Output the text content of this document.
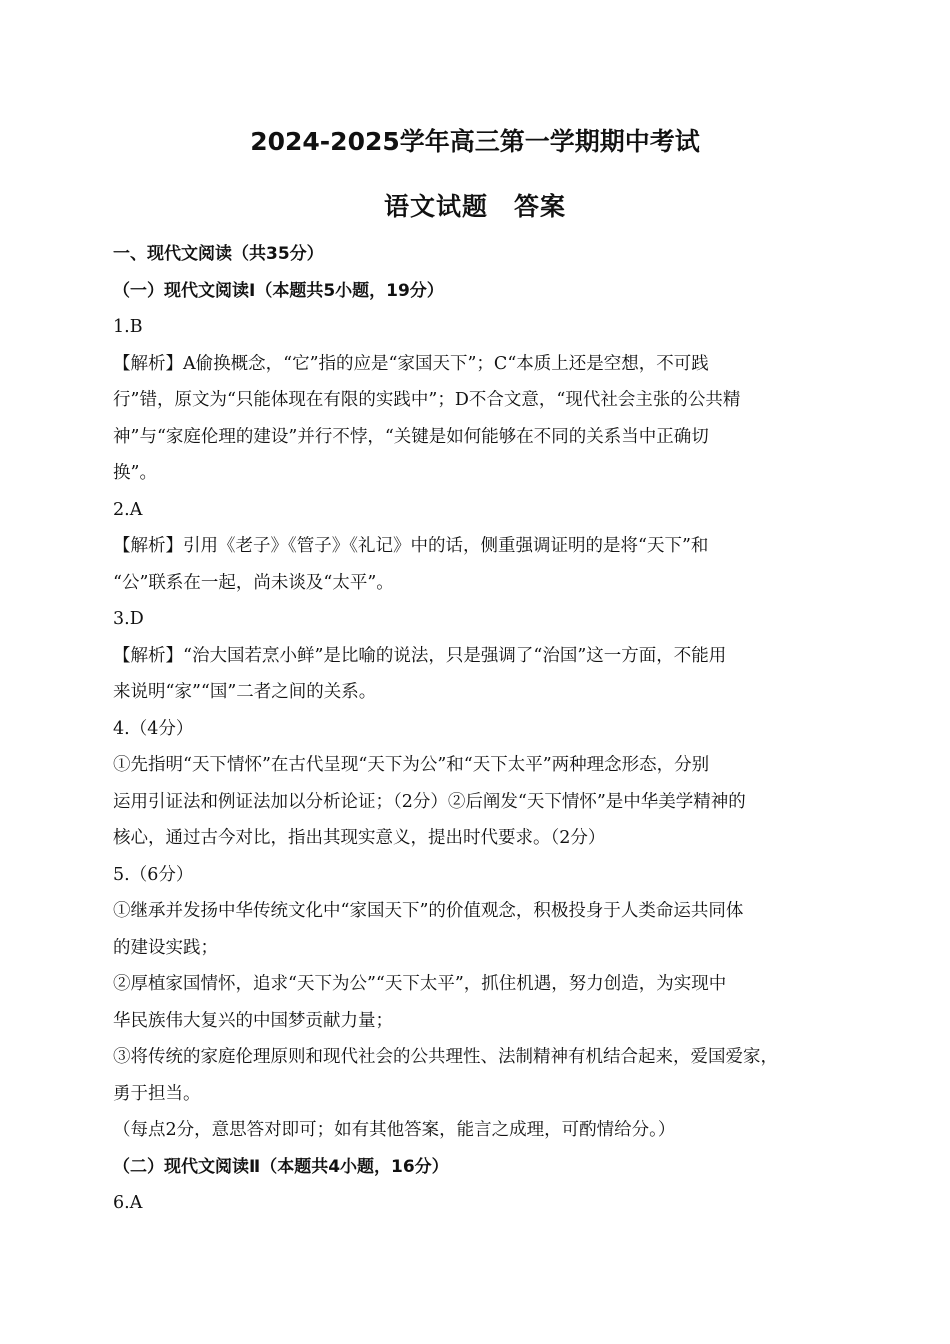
2024-2025学年高三第一学期期中考试
语文试题　答案
一、现代文阅读（共35分）
（一）现代文阅读Ⅰ（本题共5小题，19分）
1.B
【解析】A偷换概念，“它”指的应是“家国天下”；C“本质上还是空想，不可践
行”错，原文为“只能体现在有限的实践中”；D不合文意，“现代社会主张的公共精
神”与“家庭伦理的建设”并行不悖，“关键是如何能够在不同的关系当中正确切
换”。
2.A
【解析】引用《老子》《管子》《礼记》中的话，侧重强调证明的是将“天下”和
“公”联系在一起，尚未谈及“太平”。
3.D
【解析】“治大国若烹小鲜”是比喻的说法，只是强调了“治国”这一方面，不能用
来说明“家”“国”二者之间的关系。
4.（4分）
①先指明“天下情怀”在古代呈现“天下为公”和“天下太平”两种理念形态，分别
运用引证法和例证法加以分析论证；（2分）②后阐发“天下情怀”是中华美学精神的
核心，通过古今对比，指出其现实意义，提出时代要求。（2分）
5.（6分）
①继承并发扬中华传统文化中“家国天下”的价值观念，积极投身于人类命运共同体
的建设实践；
②厚植家国情怀，追求“天下为公”“天下太平”，抓住机遇，努力创造，为实现中
华民族伟大复兴的中国梦贡献力量；
③将传统的家庭伦理原则和现代社会的公共理性、法制精神有机结合起来，爱国爱家，
勇于担当。
（每点2分，意思答对即可；如有其他答案，能言之成理，可酌情给分。）
（二）现代文阅读Ⅱ（本题共4小题，16分）
6.A
